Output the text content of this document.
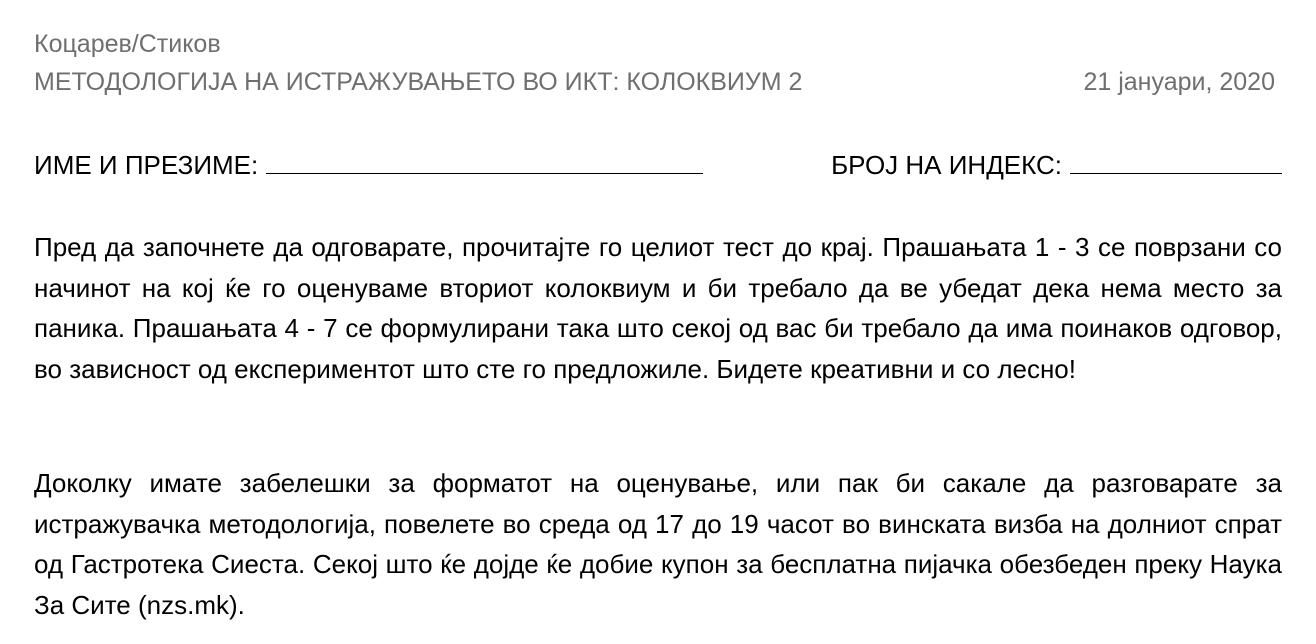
Коцарев/Стиков
МЕТОДОЛОГИЈА НА ИСТРАЖУВАЊЕТО ВО ИКТ: КОЛОКВИУМ 2	21 јануари, 2020
ИМЕ И ПРЕЗИМЕ:	БРОЈ НА ИНДЕКС:
Пред да започнете да одговарате, прочитајте го целиот тест до крај. Прашањата 1 - 3 се поврзани со начинот на кој ќе го оценуваме вториот колоквиум и би требало да ве убедат дека нема место за паника. Прашањата 4 - 7 се формулирани така што секој од вас би требало да има поинаков одговор, во зависност од експериментот што сте го предложиле. Бидете креативни и со лесно!
Доколку имате забелешки за форматот на оценување, или пак би сакале да разговарате за истражувачка методологија, повелете во среда од 17 до 19 часот во винската визба на долниот спрат од Гастротека Сиеста. Секој што ќе дојде ќе добие купон за бесплатна пијачка обезбеден преку Наука За Сите (nzs.mk).
